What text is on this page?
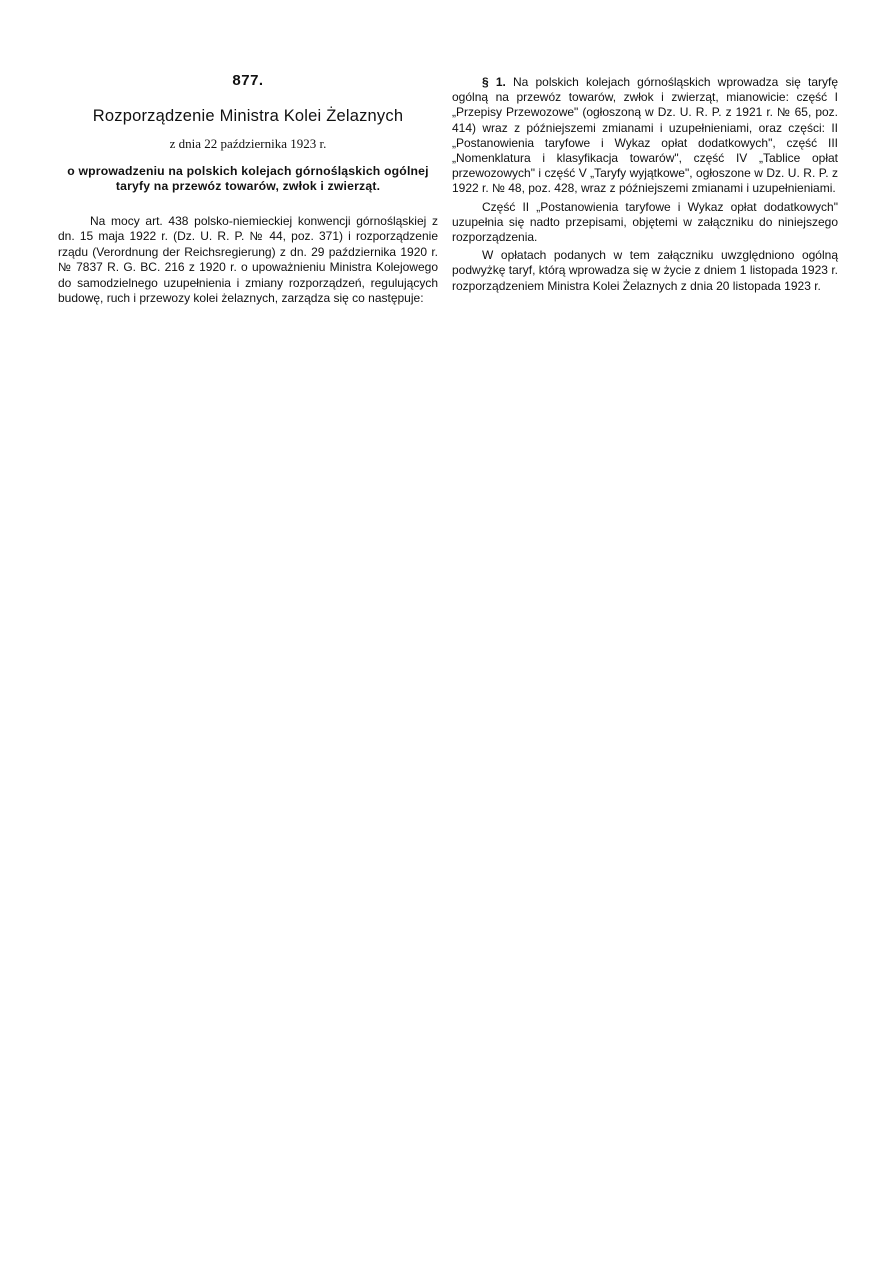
877.
Rozporządzenie Ministra Kolei Żelaznych
z dnia 22 października 1923 r.
o wprowadzeniu na polskich kolejach górnośląskich ogólnej taryfy na przewóz towarów, zwłok i zwierząt.

Na mocy art. 438 polsko-niemieckiej konwencji górnośląskiej z dn. 15 maja 1922 r. (Dz. U. R. P. № 44, poz. 371) i rozporządzenie rządu (Verordnung der Reichsregierung) z dn. 29 października 1920 r. № 7837 R. G. BC. 216 z 1920 r. o upoważnieniu Ministra Kolejowego do samodzielnego uzupełnienia i zmiany rozporządzeń, regulujących budowę, ruch i przewozy kolei żelaznych, zarządza się co następuje:

§ 1. Na polskich kolejach górnośląskich wprowadza się taryfę ogólną na przewóz towarów, zwłok i zwierząt, mianowicie: część I „Przepisy Przewozowe" (ogłoszoną w Dz. U. R. P. z 1921 r. № 65, poz. 414) wraz z późniejszemi zmianami i uzupełnieniami, oraz części: II „Postanowienia taryfowe i Wykaz opłat dodatkowych", część III „Nomenklatura i klasyfikacja towarów", część IV „Tablice opłat przewozowych" i część V „Taryfy wyjątkowe", ogłoszone w Dz. U. R. P. z 1922 r. № 48, poz. 428, wraz z późniejszemi zmianami i uzupełnieniami.

Część II „Postanowienia taryfowe i Wykaz opłat dodatkowych" uzupełnia się nadto przepisami, objętemi w załączniku do niniejszego rozporządzenia.

W opłatach podanych w tem załączniku uwzględniono ogólną podwyżkę taryf, którą wprowadza się w życie z dniem 1 listopada 1923 r. rozporządzeniem Ministra Kolei Żelaznych z dnia 20 listopada 1923 r.
